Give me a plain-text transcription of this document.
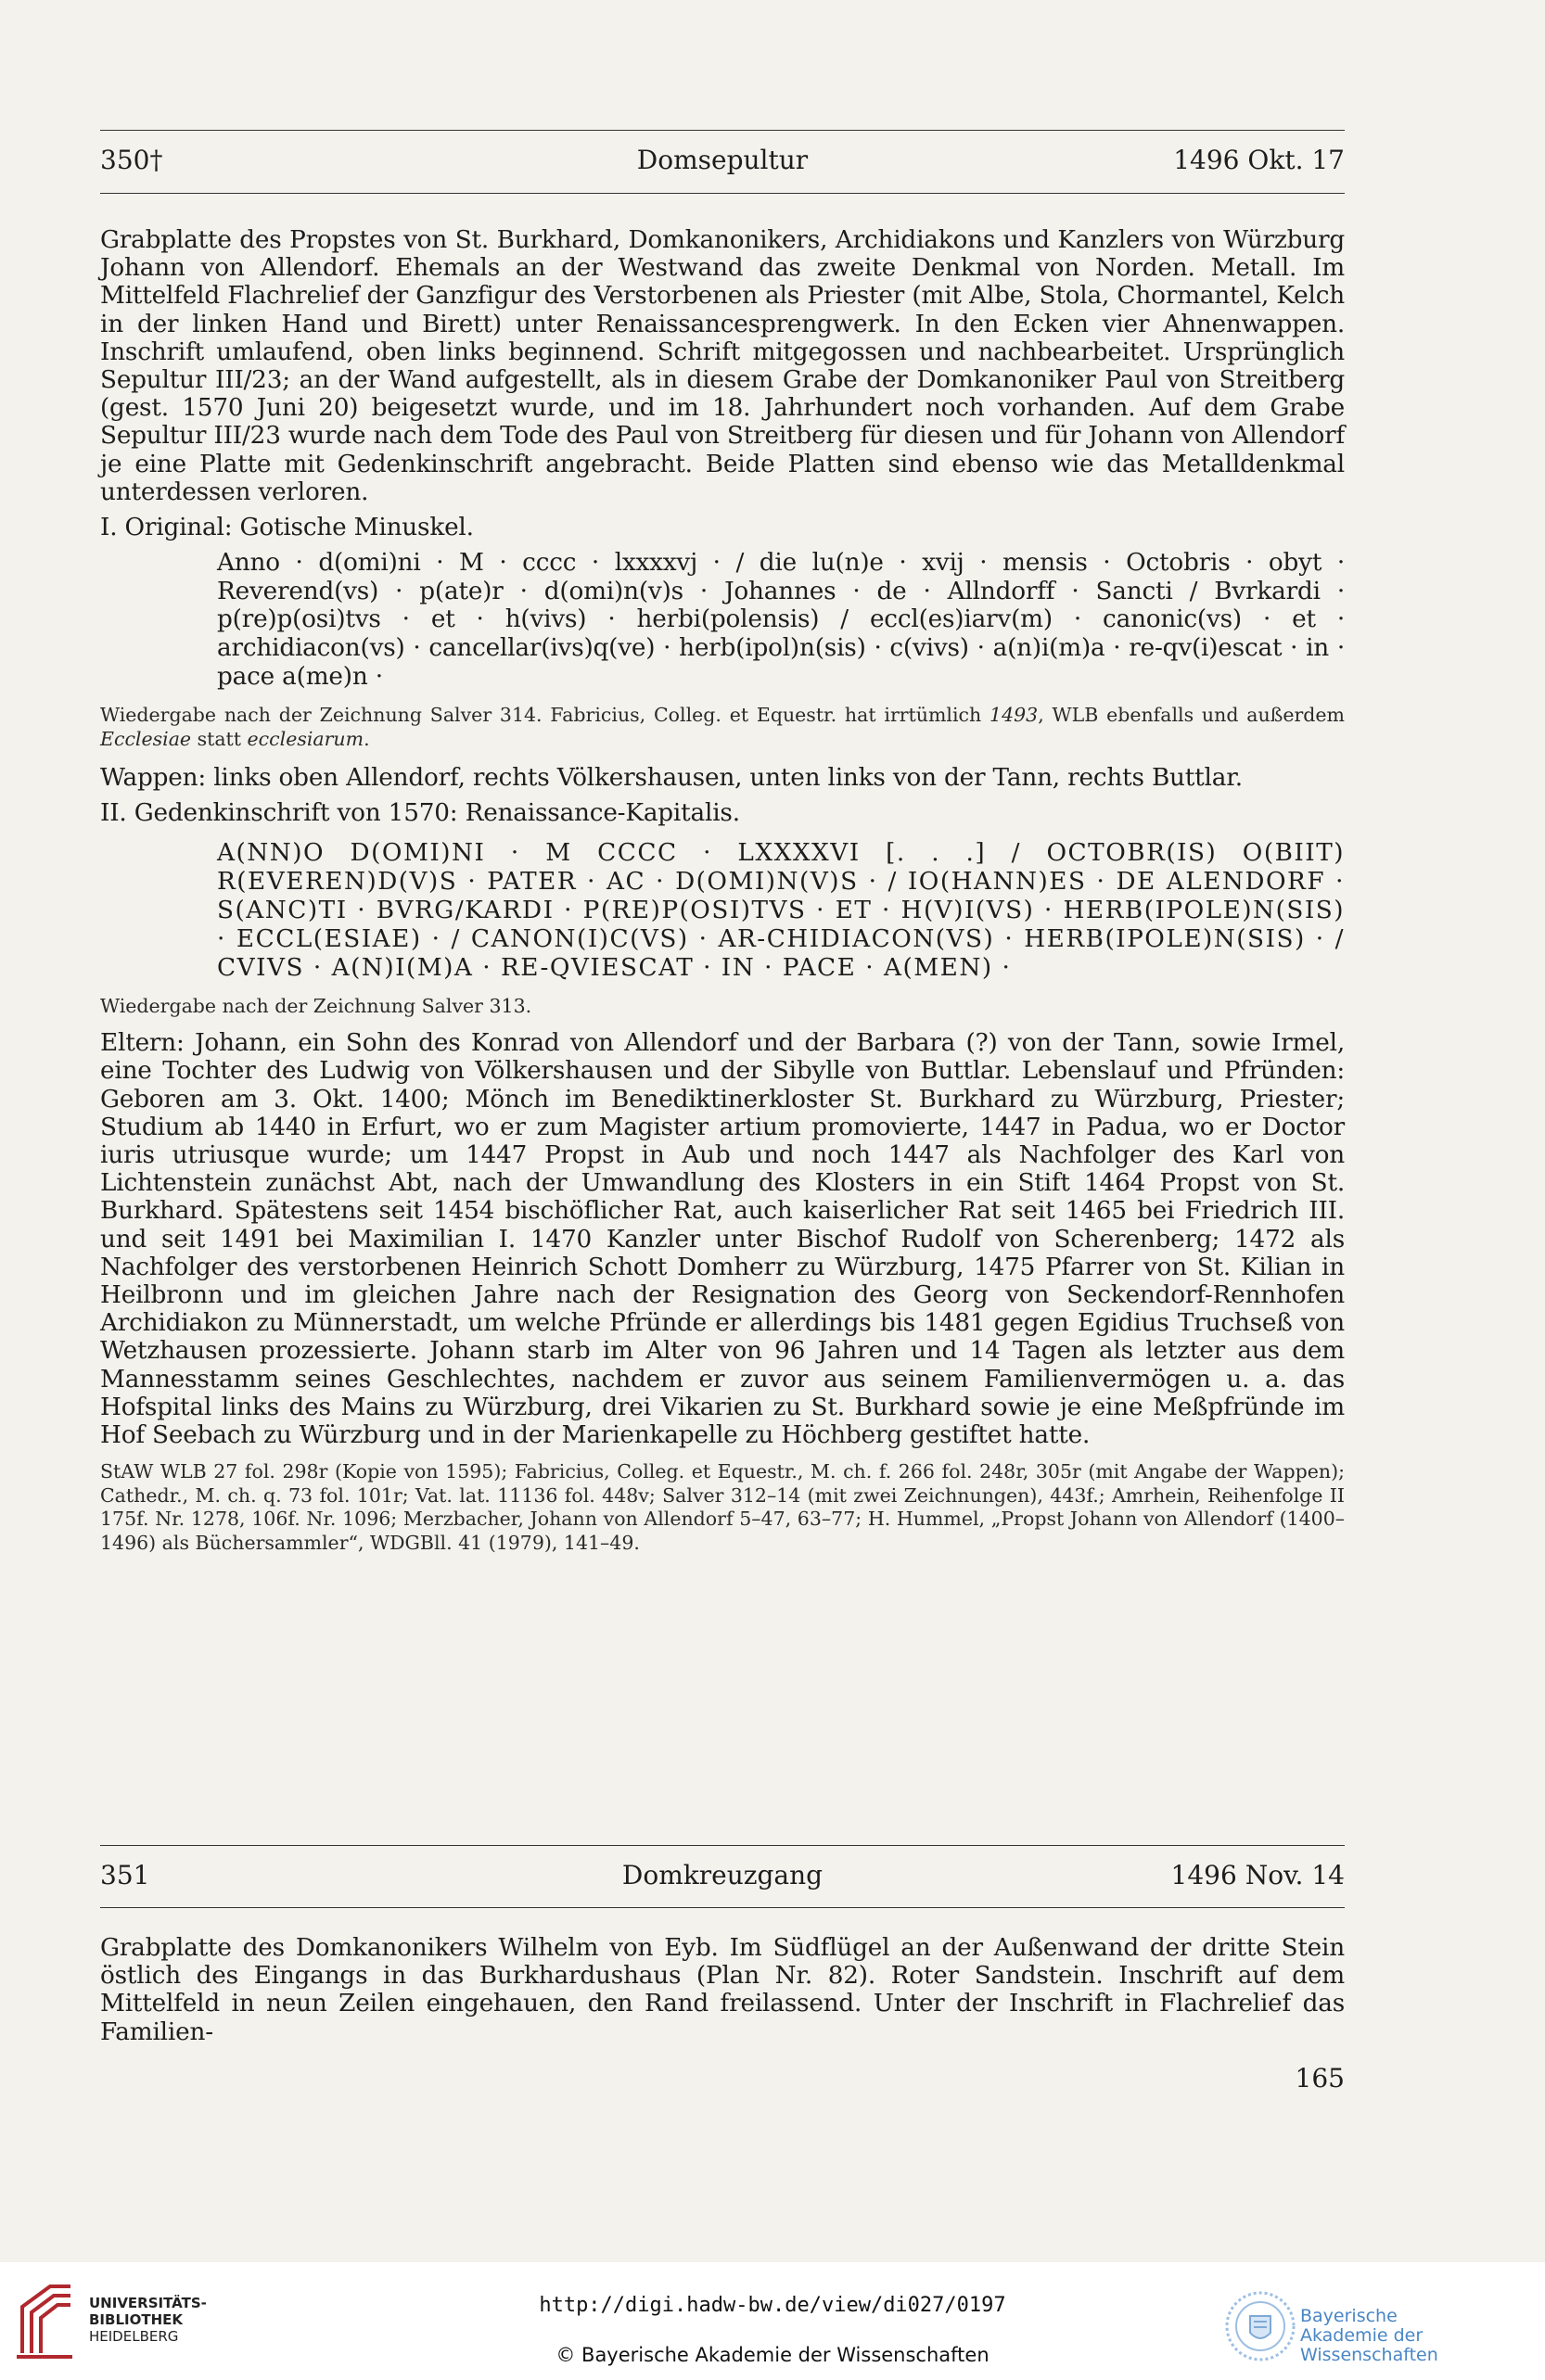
350†	Domsepultur	1496 Okt. 17

Grabplatte des Propstes von St. Burkhard, Domkanonikers, Archidiakons und Kanzlers von Würzburg Johann von Allendorf. Ehemals an der Westwand das zweite Denkmal von Norden. Metall. Im Mittelfeld Flachrelief der Ganzfigur des Verstorbenen als Priester (mit Albe, Stola, Chormantel, Kelch in der linken Hand und Birett) unter Renaissancesprengwerk. In den Ecken vier Ahnenwappen. Inschrift umlaufend, oben links beginnend. Schrift mitgegossen und nachbearbeitet. Ursprünglich Sepultur III/23; an der Wand aufgestellt, als in diesem Grabe der Domkanoniker Paul von Streitberg (gest. 1570 Juni 20) beigesetzt wurde, und im 18. Jahrhundert noch vorhanden. Auf dem Grabe Sepultur III/23 wurde nach dem Tode des Paul von Streitberg für diesen und für Johann von Allendorf je eine Platte mit Gedenkinschrift angebracht. Beide Platten sind ebenso wie das Metalldenkmal unterdessen verloren.

I. Original: Gotische Minuskel.

Anno · d(omi)ni · M · cccc · lxxxxvj · / die lu(n)e · xvij · mensis · Octobris · obyt · Reverend(vs) · p(ate)r · d(omi)n(v)s · Johannes · de · Allndorff · Sancti / Bvrkardi · p(re)p(osi)tvs · et · h(vivs) · herbi(polensis) / eccl(es)iarv(m) · canonic(vs) · et · archidiacon(vs) · cancellar(ivs)q(ve) · herb(ipol)n(sis) · c(vivs) · a(n)i(m)a · re-qv(i)escat · in · pace a(me)n ·

Wiedergabe nach der Zeichnung Salver 314. Fabricius, Colleg. et Equestr. hat irrtümlich 1493, WLB ebenfalls und außerdem Ecclesiae statt ecclesiarum.

Wappen: links oben Allendorf, rechts Völkershausen, unten links von der Tann, rechts Buttlar.

II. Gedenkinschrift von 1570: Renaissance-Kapitalis.

A(NN)O D(OMI)NI · M CCCC · LXXXXVI [. . .] / OCTOBR(IS) O(BIIT) R(EVEREN)D(V)S · PATER · AC · D(OMI)N(V)S · / IO(HANN)ES · DE ALENDORF · S(ANC)TI · BVRG/KARDI · P(RE)P(OSI)TVS · ET · H(V)I(VS) · HERB(IPOLE)N(SIS) · ECCL(ESIAE) · / CANON(I)C(VS) · AR-CHIDIACON(VS) · HERB(IPOLE)N(SIS) · / CVIVS · A(N)I(M)A · RE-QVIESCAT · IN · PACE · A(MEN) ·

Wiedergabe nach der Zeichnung Salver 313.

Eltern: Johann, ein Sohn des Konrad von Allendorf und der Barbara (?) von der Tann, sowie Irmel, eine Tochter des Ludwig von Völkershausen und der Sibylle von Buttlar. Lebenslauf und Pfründen: Geboren am 3. Okt. 1400; Mönch im Benediktinerkloster St. Burkhard zu Würzburg, Priester; Studium ab 1440 in Erfurt, wo er zum Magister artium promovierte, 1447 in Padua, wo er Doctor iuris utriusque wurde; um 1447 Propst in Aub und noch 1447 als Nachfolger des Karl von Lichtenstein zunächst Abt, nach der Umwandlung des Klosters in ein Stift 1464 Propst von St. Burkhard. Spätestens seit 1454 bischöflicher Rat, auch kaiserlicher Rat seit 1465 bei Friedrich III. und seit 1491 bei Maximilian I. 1470 Kanzler unter Bischof Rudolf von Scherenberg; 1472 als Nachfolger des verstorbenen Heinrich Schott Domherr zu Würzburg, 1475 Pfarrer von St. Kilian in Heilbronn und im gleichen Jahre nach der Resignation des Georg von Seckendorf-Rennhofen Archidiakon zu Münnerstadt, um welche Pfründe er allerdings bis 1481 gegen Egidius Truchseß von Wetzhausen prozessierte. Johann starb im Alter von 96 Jahren und 14 Tagen als letzter aus dem Mannesstamm seines Geschlechtes, nachdem er zuvor aus seinem Familienvermögen u. a. das Hofspital links des Mains zu Würzburg, drei Vikarien zu St. Burkhard sowie je eine Meßpfründe im Hof Seebach zu Würzburg und in der Marienkapelle zu Höchberg gestiftet hatte.

StAW WLB 27 fol. 298r (Kopie von 1595); Fabricius, Colleg. et Equestr., M. ch. f. 266 fol. 248r, 305r (mit Angabe der Wappen); Cathedr., M. ch. q. 73 fol. 101r; Vat. lat. 11136 fol. 448v; Salver 312–14 (mit zwei Zeichnungen), 443f.; Amrhein, Reihenfolge II 175f. Nr. 1278, 106f. Nr. 1096; Merzbacher, Johann von Allendorf 5–47, 63–77; H. Hummel, „Propst Johann von Allendorf (1400–1496) als Büchersammler“, WDGBll. 41 (1979), 141–49.

351	Domkreuzgang	1496 Nov. 14

Grabplatte des Domkanonikers Wilhelm von Eyb. Im Südflügel an der Außenwand der dritte Stein östlich des Eingangs in das Burkhardushaus (Plan Nr. 82). Roter Sandstein. Inschrift auf dem Mittelfeld in neun Zeilen eingehauen, den Rand freilassend. Unter der Inschrift in Flachrelief das Familien-

165
UNIVERSITÄTS-
BIBLIOTHEK
HEIDELBERG
http://digi.hadw-bw.de/view/di027/0197
© Bayerische Akademie der Wissenschaften
Bayerische
Akademie der Wissenschaften
